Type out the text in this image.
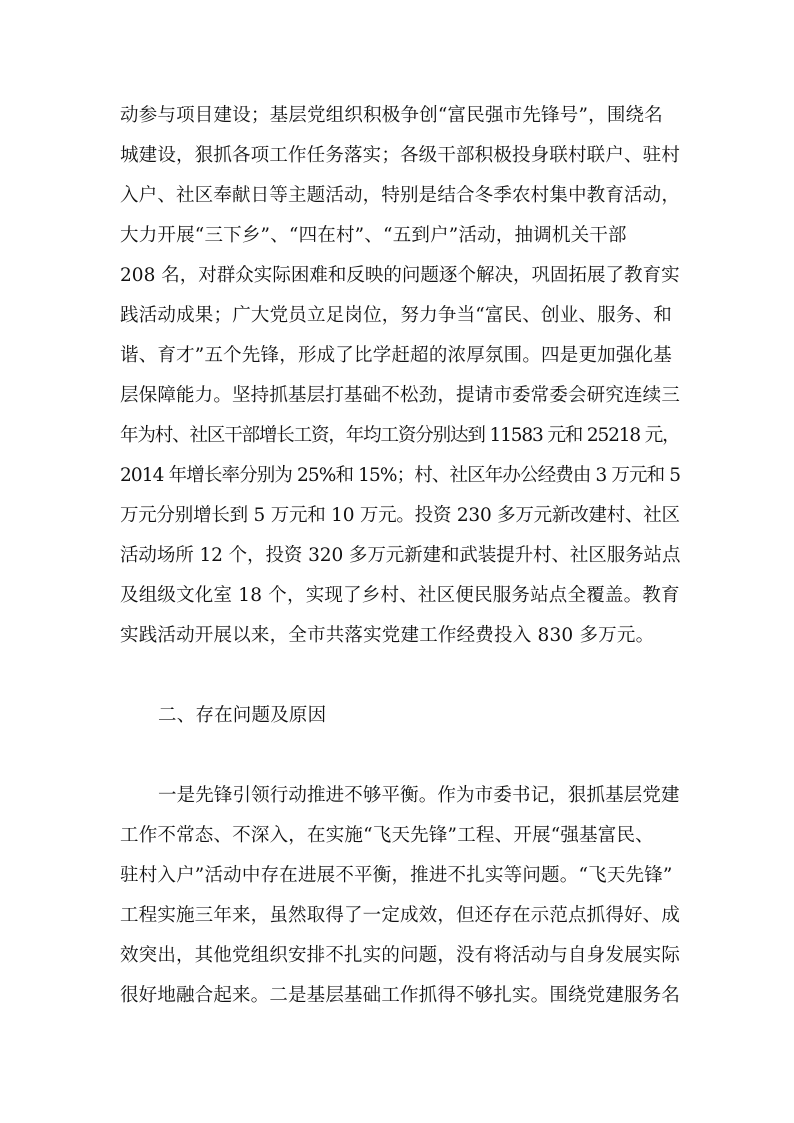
动参与项目建设；基层党组织积极争创“富民强市先锋号”，围绕名
城建设，狠抓各项工作任务落实；各级干部积极投身联村联户、驻村
入户、社区奉献日等主题活动，特别是结合冬季农村集中教育活动，
大力开展“三下乡”、“四在村”、“五到户”活动，抽调机关干部
208 名，对群众实际困难和反映的问题逐个解决，巩固拓展了教育实
践活动成果；广大党员立足岗位，努力争当“富民、创业、服务、和
谐、育才”五个先锋，形成了比学赶超的浓厚氛围。四是更加强化基
层保障能力。坚持抓基层打基础不松劲，提请市委常委会研究连续三
年为村、社区干部增长工资，年均工资分别达到 11583 元和 25218 元，
2014 年增长率分别为 25%和 15%；村、社区年办公经费由 3 万元和 5
万元分别增长到 5 万元和 10 万元。投资 230 多万元新改建村、社区
活动场所 12 个，投资 320 多万元新建和武装提升村、社区服务站点
及组级文化室 18 个，实现了乡村、社区便民服务站点全覆盖。教育
实践活动开展以来，全市共落实党建工作经费投入 830 多万元。
二、存在问题及原因
一是先锋引领行动推进不够平衡。作为市委书记，狠抓基层党建
工作不常态、不深入，在实施“飞天先锋”工程、开展“强基富民、
驻村入户”活动中存在进展不平衡，推进不扎实等问题。“飞天先锋”
工程实施三年来，虽然取得了一定成效，但还存在示范点抓得好、成
效突出，其他党组织安排不扎实的问题，没有将活动与自身发展实际
很好地融合起来。二是基层基础工作抓得不够扎实。围绕党建服务名
